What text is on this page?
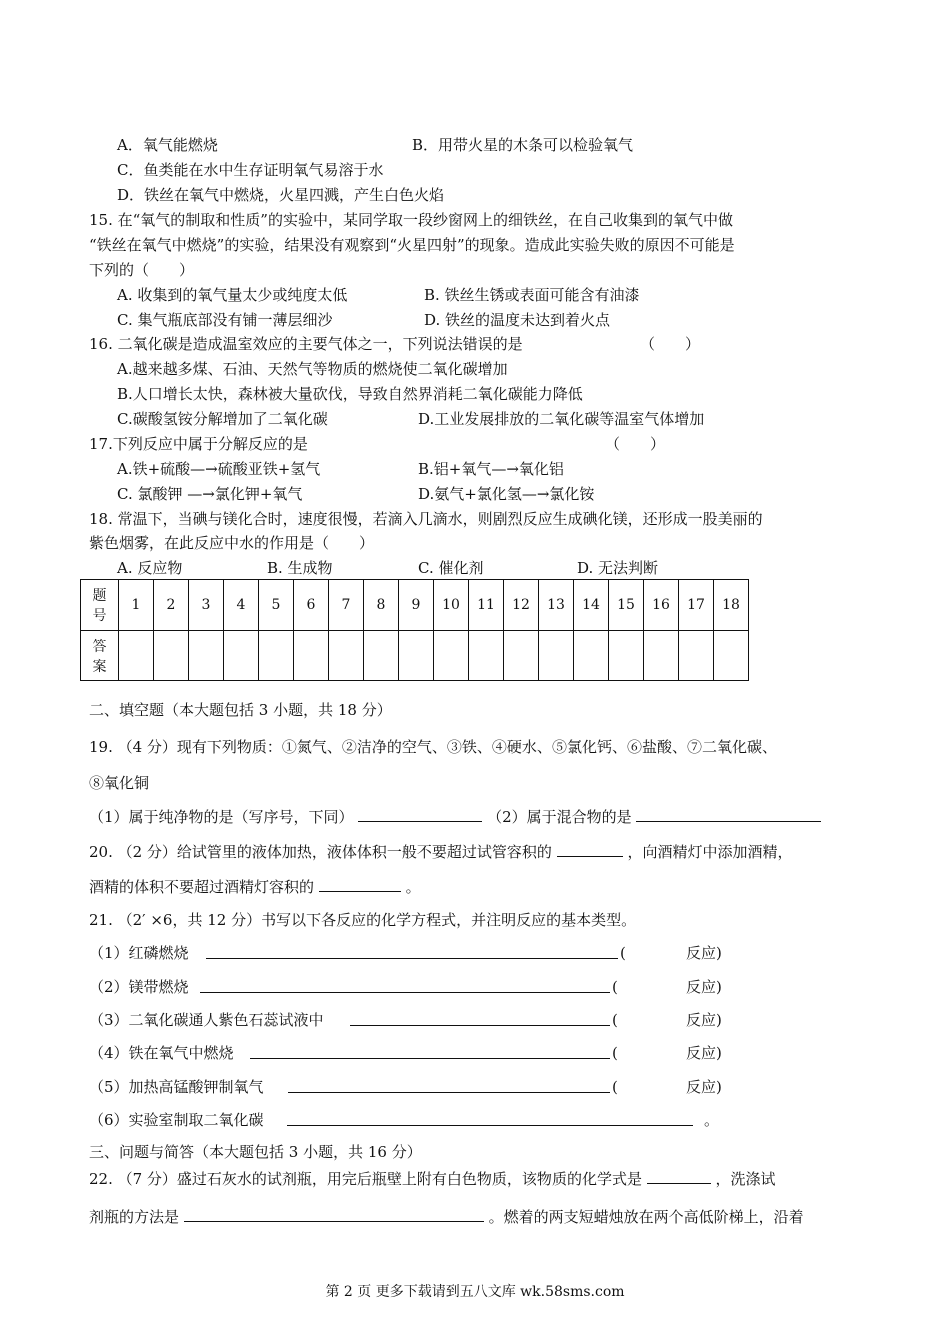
A．氧气能燃烧	B．用带火星的木条可以检验氧气
C．鱼类能在水中生存证明氧气易溶于水
D．铁丝在氧气中燃烧，火星四溅，产生白色火焰
15. 在“氧气的制取和性质”的实验中，某同学取一段纱窗网上的细铁丝，在自己收集到的氧气中做
“铁丝在氧气中燃烧”的实验，结果没有观察到“火星四射”的现象。造成此实验失败的原因不可能是
下列的（　　）
A. 收集到的氧气量太少或纯度太低	B. 铁丝生锈或表面可能含有油漆
C. 集气瓶底部没有铺一薄层细沙	D. 铁丝的温度未达到着火点
16. 二氧化碳是造成温室效应的主要气体之一，下列说法错误的是	（　　）
A.越来越多煤、石油、天然气等物质的燃烧使二氧化碳增加
B.人口增长太快，森林被大量砍伐，导致自然界消耗二氧化碳能力降低
C.碳酸氢铵分解增加了二氧化碳	D.工业发展排放的二氧化碳等温室气体增加
17.下列反应中属于分解反应的是	（　　）
A.铁+硫酸—→硫酸亚铁+氢气	B.铝+氧气—→氧化铝
C. 氯酸钾 —→氯化钾+氧气	D.氨气+氯化氢—→氯化铵
18. 常温下，当碘与镁化合时，速度很慢，若滴入几滴水，则剧烈反应生成碘化镁，还形成一股美丽的
紫色烟雾，在此反应中水的作用是（　　）
A. 反应物	B. 生成物	C. 催化剂	D. 无法判断
题
号	1	2	3	4	5	6	7	8	9	10	11	12	13	14	15	16	17	18

答
案																		

二、填空题（本大题包括 3 小题，共 18 分）
19. （4 分）现有下列物质：①氮气、②洁净的空气、③铁、④硬水、⑤氯化钙、⑥盐酸、⑦二氧化碳、
⑧氧化铜
（1）属于纯净物的是（写序号，下同）	（2）属于混合物的是
20. （2 分）给试管里的液体加热，液体体积一般不要超过试管容积的	，向酒精灯中添加酒精，
酒精的体积不要超过酒精灯容积的	。
21. （2′ ×6，共 12 分）书写以下各反应的化学方程式，并注明反应的基本类型。
（1）红磷燃烧	(	反应)
（2）镁带燃烧	(	反应)
（3）二氧化碳通人紫色石蕊试液中	(	反应)
（4）铁在氧气中燃烧	(	反应)
（5）加热高锰酸钾制氧气	(	反应)
（6）实验室制取二氧化碳	。
三、问题与简答（本大题包括 3 小题，共 16 分）
22. （7 分）盛过石灰水的试剂瓶，用完后瓶壁上附有白色物质，该物质的化学式是	，洗涤试
剂瓶的方法是	。燃着的两支短蜡烛放在两个高低阶梯上，沿着
第 2 页 更多下载请到五八文库 wk.58sms.com
